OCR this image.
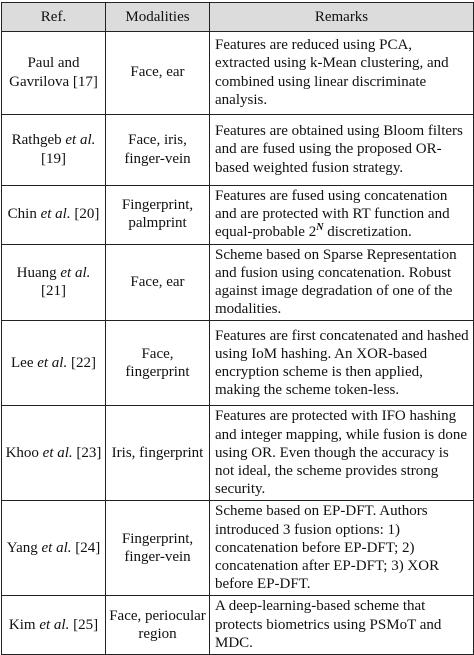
Ref.	Modalities	Remarks
Paul and Gavrilova [17]	Face, ear	Features are reduced using PCA, extracted using k-Mean clustering, and combined using linear discriminate analysis.
Rathgeb et al. [19]	Face, iris, finger-vein	Features are obtained using Bloom filters and are fused using the proposed OR-based weighted fusion strategy.
Chin et al. [20]	Fingerprint, palmprint	Features are fused using concatenation and are protected with RT function and equal-probable $2^N$ discretization.
Huang et al. [21]	Face, ear	Scheme based on Sparse Representation and fusion using concatenation. Robust against image degradation of one of the modalities.
Lee et al. [22]	Face, fingerprint	Features are first concatenated and hashed using IoM hashing. An XOR-based encryption scheme is then applied, making the scheme token-less.
Khoo et al. [23]	Iris, fingerprint	Features are protected with IFO hashing and integer mapping, while fusion is done using OR. Even though the accuracy is not ideal, the scheme provides strong security.
Yang et al. [24]	Fingerprint, finger-vein	Scheme based on EP-DFT. Authors introduced 3 fusion options: 1) concatenation before EP-DFT; 2) concatenation after EP-DFT; 3) XOR before EP-DFT.
Kim et al. [25]	Face, periocular region	A deep-learning-based scheme that protects biometrics using PSMoT and MDC.
